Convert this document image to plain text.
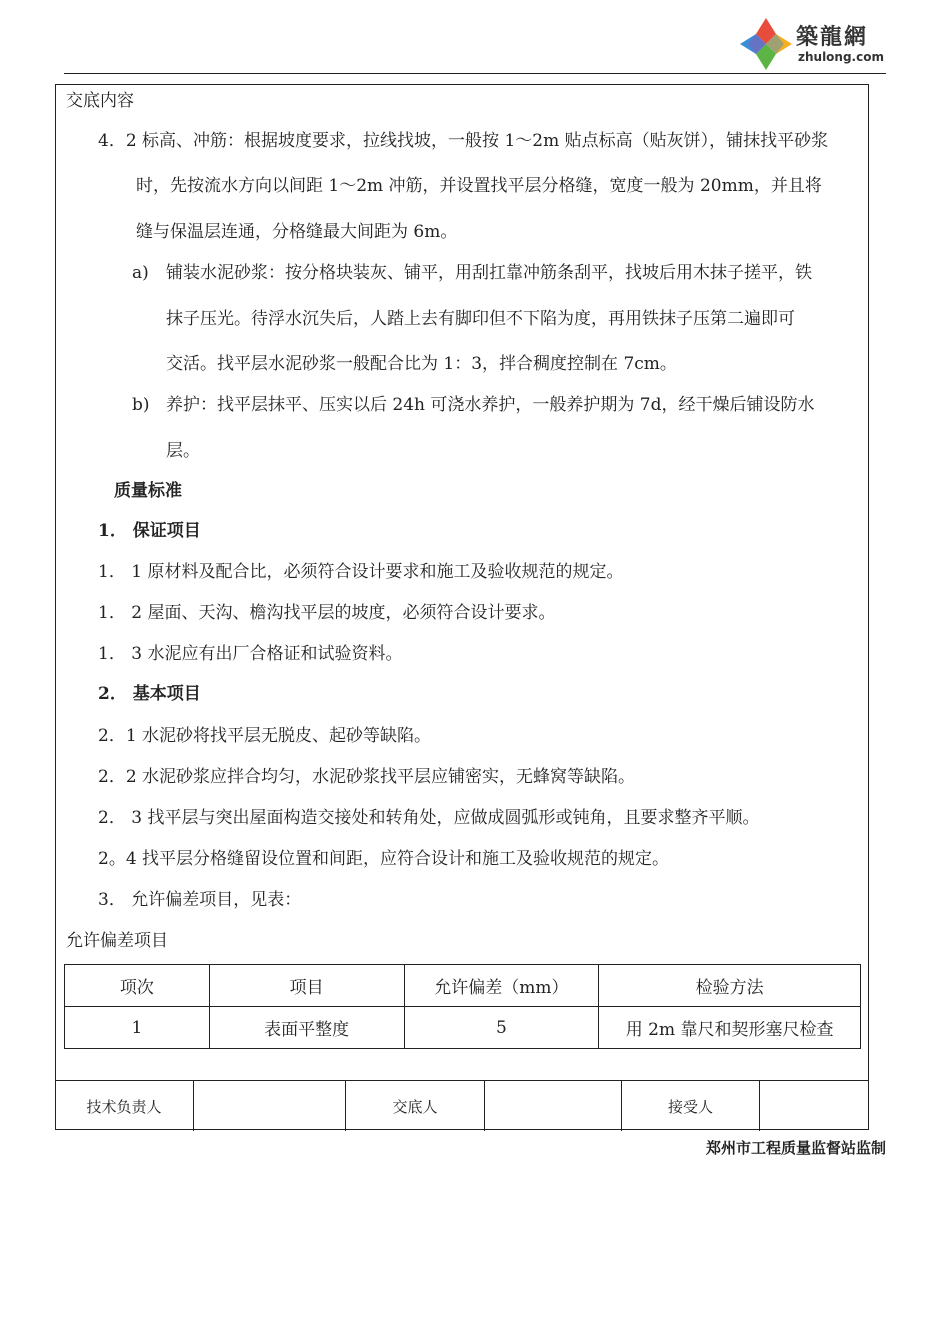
築龍網
zhulong.com
交底内容
4．2 标高、冲筋：根据坡度要求，拉线找坡，一般按 1～2m 贴点标高（贴灰饼），铺抹找平砂浆
时，先按流水方向以间距 1～2m 冲筋，并设置找平层分格缝，宽度一般为 20mm，并且将
缝与保温层连通，分格缝最大间距为 6m。
a) 铺装水泥砂浆：按分格块装灰、铺平，用刮扛靠冲筋条刮平，找坡后用木抹子搓平，铁
抹子压光。待浮水沉失后，人踏上去有脚印但不下陷为度，再用铁抹子压第二遍即可
交活。找平层水泥砂浆一般配合比为 1：3，拌合稠度控制在 7cm。
b) 养护：找平层抹平、压实以后 24h 可浇水养护，一般养护期为 7d，经干燥后铺设防水
层。
质量标准
1． 保证项目
1． 1 原材料及配合比，必须符合设计要求和施工及验收规范的规定。
1． 2 屋面、天沟、檐沟找平层的坡度，必须符合设计要求。
1． 3 水泥应有出厂合格证和试验资料。
2． 基本项目
2．1 水泥砂将找平层无脱皮、起砂等缺陷。
2．2 水泥砂浆应拌合均匀，水泥砂浆找平层应铺密实，无蜂窝等缺陷。
2． 3 找平层与突出屋面构造交接处和转角处，应做成圆弧形或钝角，且要求整齐平顺。
2。4 找平层分格缝留设位置和间距，应符合设计和施工及验收规范的规定。
3． 允许偏差项目，见表：
允许偏差项目
项次	项目	允许偏差（mm）	检验方法
1	表面平整度	5	用 2m 靠尺和契形塞尺检查
技术负责人	交底人	接受人
郑州市工程质量监督站监制
